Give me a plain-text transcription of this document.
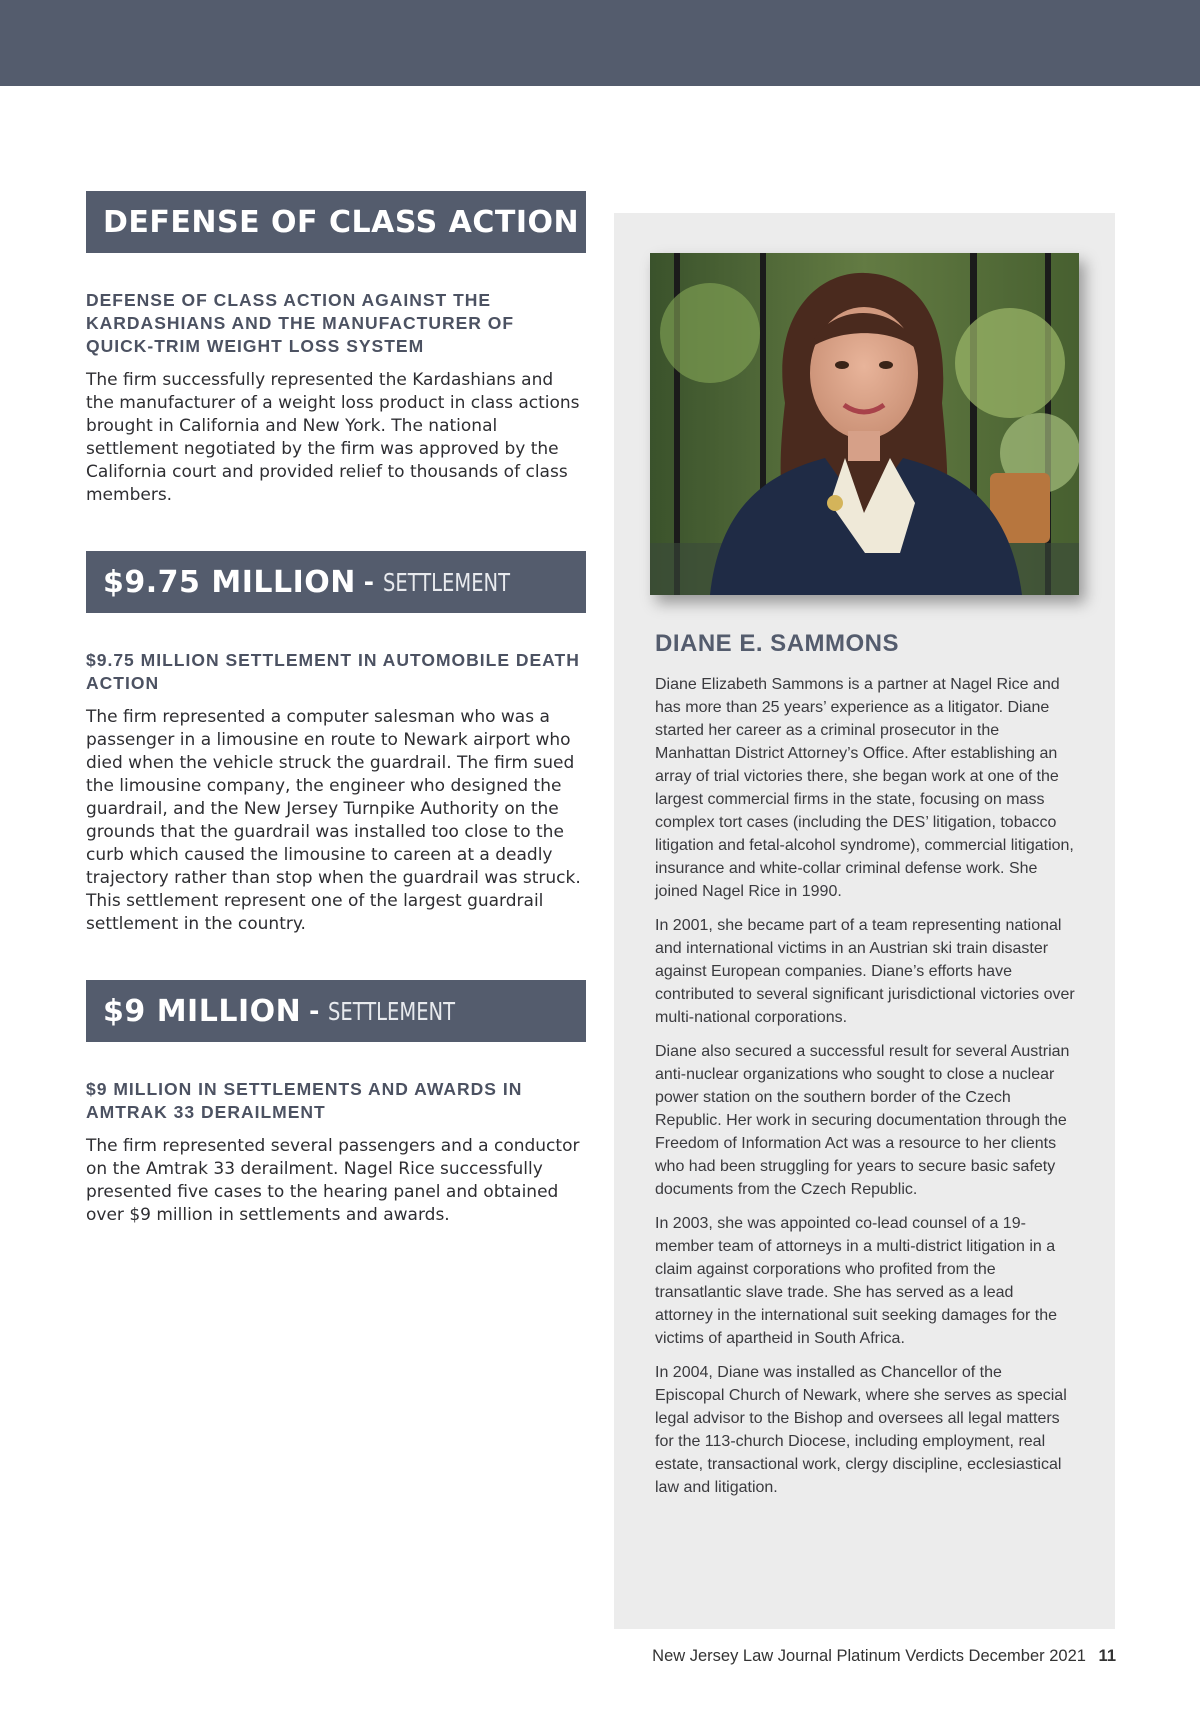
DEFENSE OF CLASS ACTION

DEFENSE OF CLASS ACTION AGAINST THE KARDASHIANS AND THE MANUFACTURER OF QUICK-TRIM WEIGHT LOSS SYSTEM

The firm successfully represented the Kardashians and the manufacturer of a weight loss product in class actions brought in California and New York. The national settlement negotiated by the firm was approved by the California court and provided relief to thousands of class members.

$9.75 MILLION - SETTLEMENT

$9.75 MILLION SETTLEMENT IN AUTOMOBILE DEATH ACTION

The firm represented a computer salesman who was a passenger in a limousine en route to Newark airport who died when the vehicle struck the guardrail. The firm sued the limousine company, the engineer who designed the guardrail, and the New Jersey Turnpike Authority on the grounds that the guardrail was installed too close to the curb which caused the limousine to careen at a deadly trajectory rather than stop when the guardrail was struck. This settlement represent one of the largest guardrail settlement in the country.

$9 MILLION - SETTLEMENT

$9 MILLION IN SETTLEMENTS AND AWARDS IN AMTRAK 33 DERAILMENT

The firm represented several passengers and a conductor on the Amtrak 33 derailment. Nagel Rice successfully presented five cases to the hearing panel and obtained over $9 million in settlements and awards.

DIANE E. SAMMONS

Diane Elizabeth Sammons is a partner at Nagel Rice and has more than 25 years’ experience as a litigator. Diane started her career as a criminal prosecutor in the Manhattan District Attorney’s Office. After establishing an array of trial victories there, she began work at one of the largest commercial firms in the state, focusing on mass complex tort cases (including the DES’ litigation, tobacco litigation and fetal-alcohol syndrome), commercial litigation, insurance and white-collar criminal defense work. She joined Nagel Rice in 1990.

In 2001, she became part of a team representing national and international victims in an Austrian ski train disaster against European companies. Diane’s efforts have contributed to several significant jurisdictional victories over multi-national corporations.

Diane also secured a successful result for several Austrian anti-nuclear organizations who sought to close a nuclear power station on the southern border of the Czech Republic. Her work in securing documentation through the Freedom of Information Act was a resource to her clients who had been struggling for years to secure basic safety documents from the Czech Republic.

In 2003, she was appointed co-lead counsel of a 19-member team of attorneys in a multi-district litigation in a claim against corporations who profited from the transatlantic slave trade. She has served as a lead attorney in the international suit seeking damages for the victims of apartheid in South Africa.

In 2004, Diane was installed as Chancellor of the Episcopal Church of Newark, where she serves as special legal advisor to the Bishop and oversees all legal matters for the 113-church Diocese, including employment, real estate, transactional work, clergy discipline, ecclesiastical law and litigation.

New Jersey Law Journal Platinum Verdicts December 2021 11
